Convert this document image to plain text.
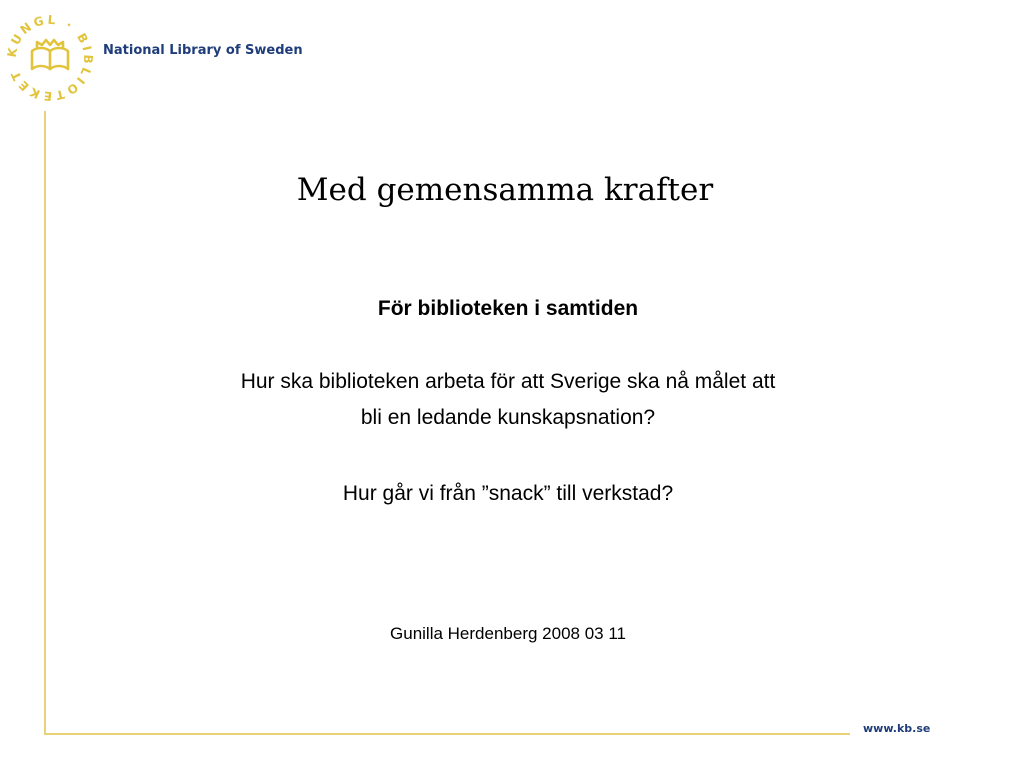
KUNGL · BIBLIOTEKET
National Library of Sweden
Med gemensamma krafter

För biblioteken i samtiden

Hur ska biblioteken arbeta för att Sverige ska nå målet att

bli en ledande kunskapsnation?

Hur går vi från ”snack” till verkstad?

Gunilla Herdenberg 2008 03 11

www.kb.se
